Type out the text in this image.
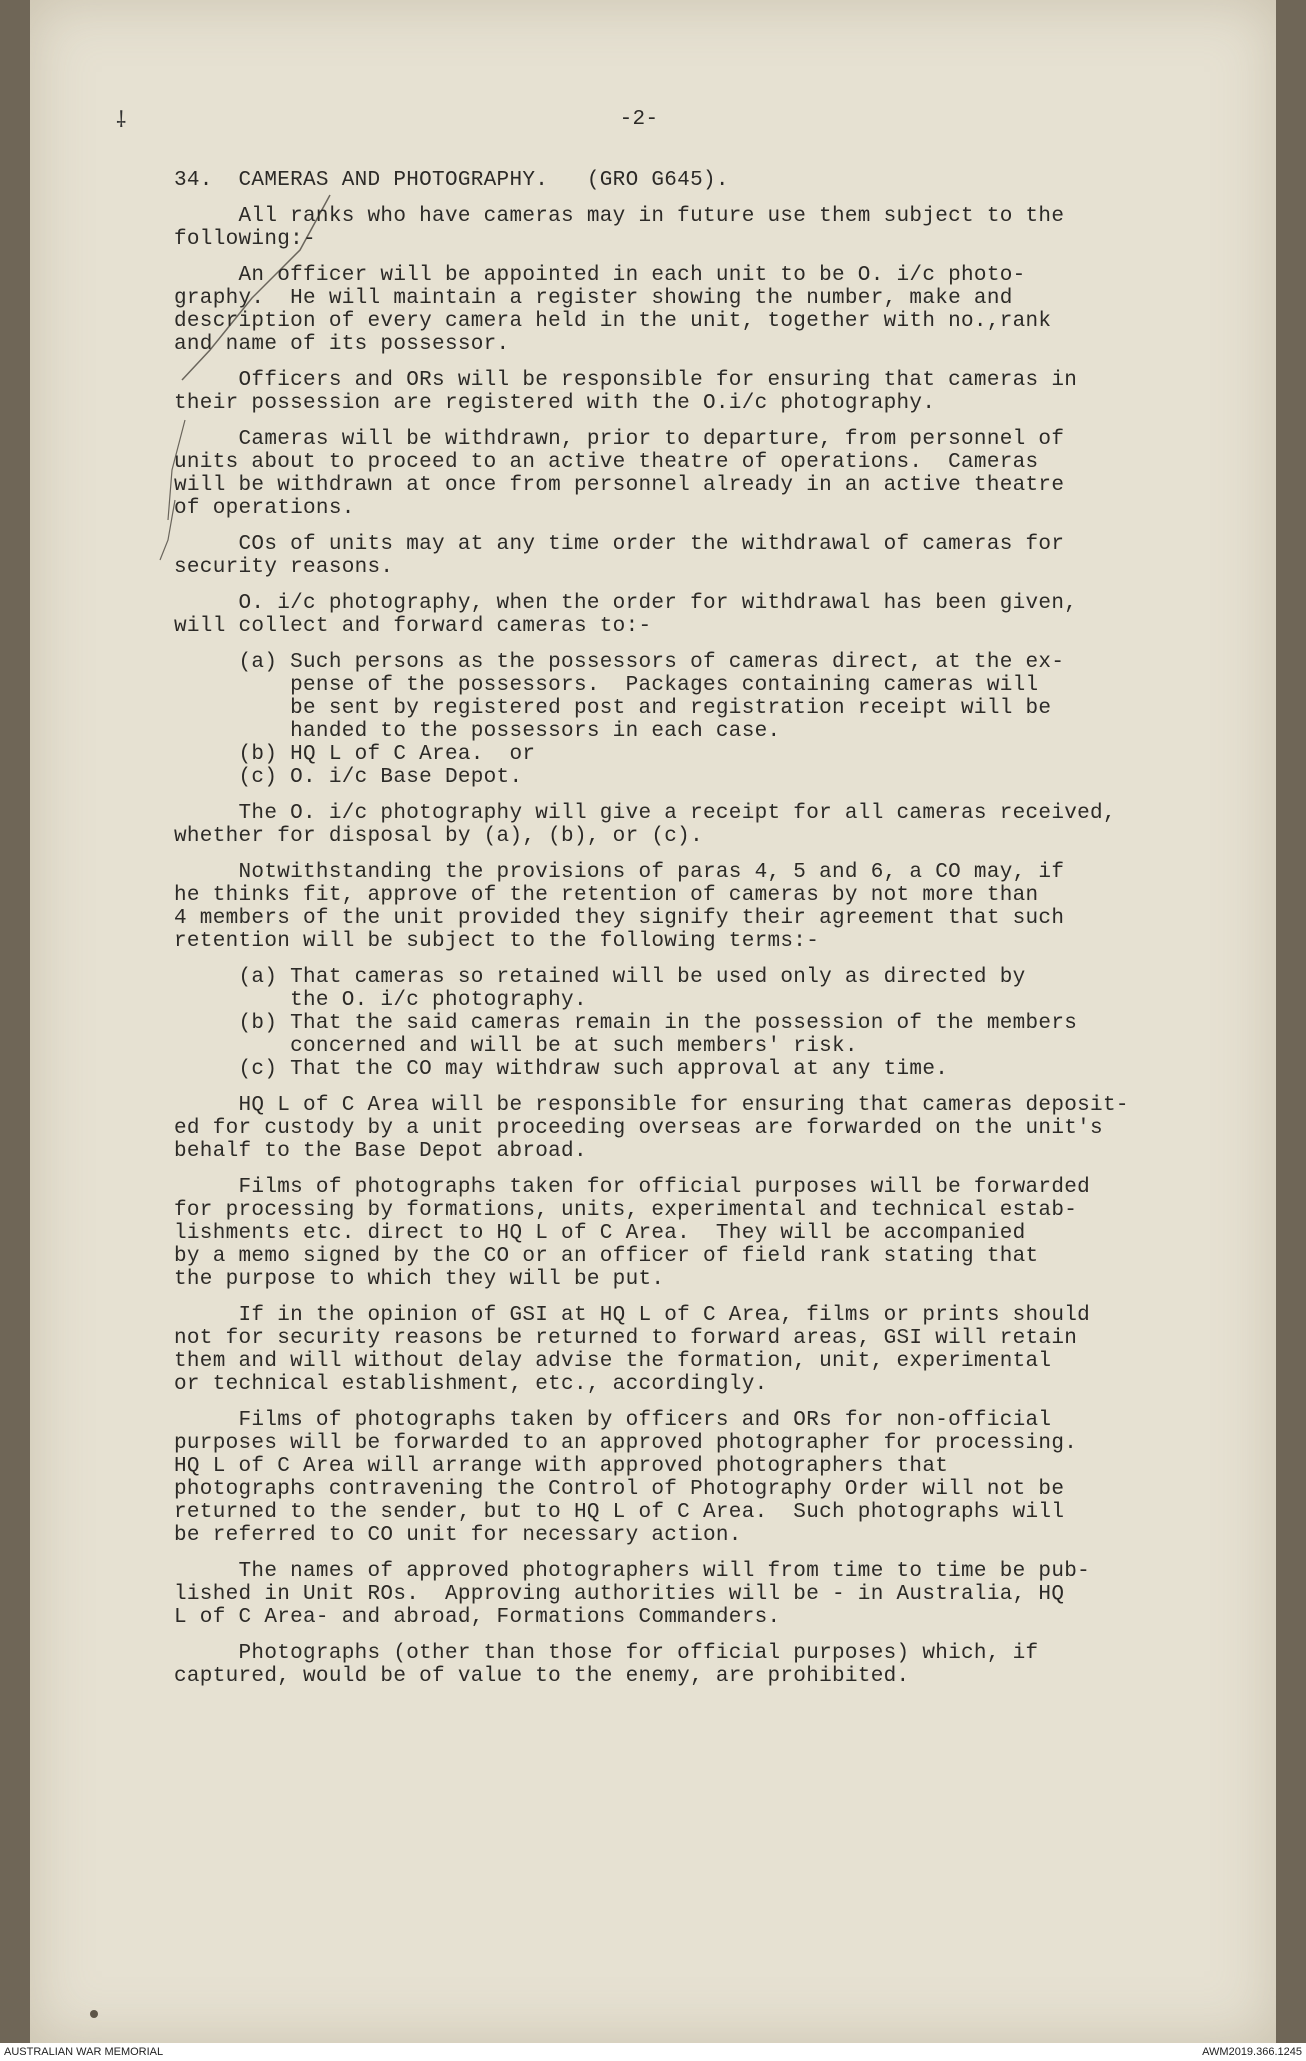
⸸	-2-
34.  CAMERAS AND PHOTOGRAPHY.   (GRO G645).
All ranks who have cameras may in future use them subject to the
following:-
An officer will be appointed in each unit to be O. i/c photo-
graphy.  He will maintain a register showing the number, make and
description of every camera held in the unit, together with no.,rank
and name of its possessor.
Officers and ORs will be responsible for ensuring that cameras in
their possession are registered with the O.i/c photography.
Cameras will be withdrawn, prior to departure, from personnel of
units about to proceed to an active theatre of operations.  Cameras
will be withdrawn at once from personnel already in an active theatre
of operations.
COs of units may at any time order the withdrawal of cameras for
security reasons.
O. i/c photography, when the order for withdrawal has been given,
will collect and forward cameras to:-
(a) Such persons as the possessors of cameras direct, at the ex-
pense of the possessors.  Packages containing cameras will
be sent by registered post and registration receipt will be
handed to the possessors in each case.
(b) HQ L of C Area.  or
(c) O. i/c Base Depot.
The O. i/c photography will give a receipt for all cameras received,
whether for disposal by (a), (b), or (c).
Notwithstanding the provisions of paras 4, 5 and 6, a CO may, if
he thinks fit, approve of the retention of cameras by not more than
4 members of the unit provided they signify their agreement that such
retention will be subject to the following terms:-
(a) That cameras so retained will be used only as directed by
the O. i/c photography.
(b) That the said cameras remain in the possession of the members
concerned and will be at such members' risk.
(c) That the CO may withdraw such approval at any time.
HQ L of C Area will be responsible for ensuring that cameras deposit-
ed for custody by a unit proceeding overseas are forwarded on the unit's
behalf to the Base Depot abroad.
Films of photographs taken for official purposes will be forwarded
for processing by formations, units, experimental and technical estab-
lishments etc. direct to HQ L of C Area.  They will be accompanied
by a memo signed by the CO or an officer of field rank stating that
the purpose to which they will be put.
If in the opinion of GSI at HQ L of C Area, films or prints should
not for security reasons be returned to forward areas, GSI will retain
them and will without delay advise the formation, unit, experimental
or technical establishment, etc., accordingly.
Films of photographs taken by officers and ORs for non-official
purposes will be forwarded to an approved photographer for processing.
HQ L of C Area will arrange with approved photographers that
photographs contravening the Control of Photography Order will not be
returned to the sender, but to HQ L of C Area.  Such photographs will
be referred to CO unit for necessary action.
The names of approved photographers will from time to time be pub-
lished in Unit ROs.  Approving authorities will be - in Australia, HQ
L of C Area- and abroad, Formations Commanders.
Photographs (other than those for official purposes) which, if
captured, would be of value to the enemy, are prohibited.
AUSTRALIAN WAR MEMORIAL	AWM2019.366.1245
